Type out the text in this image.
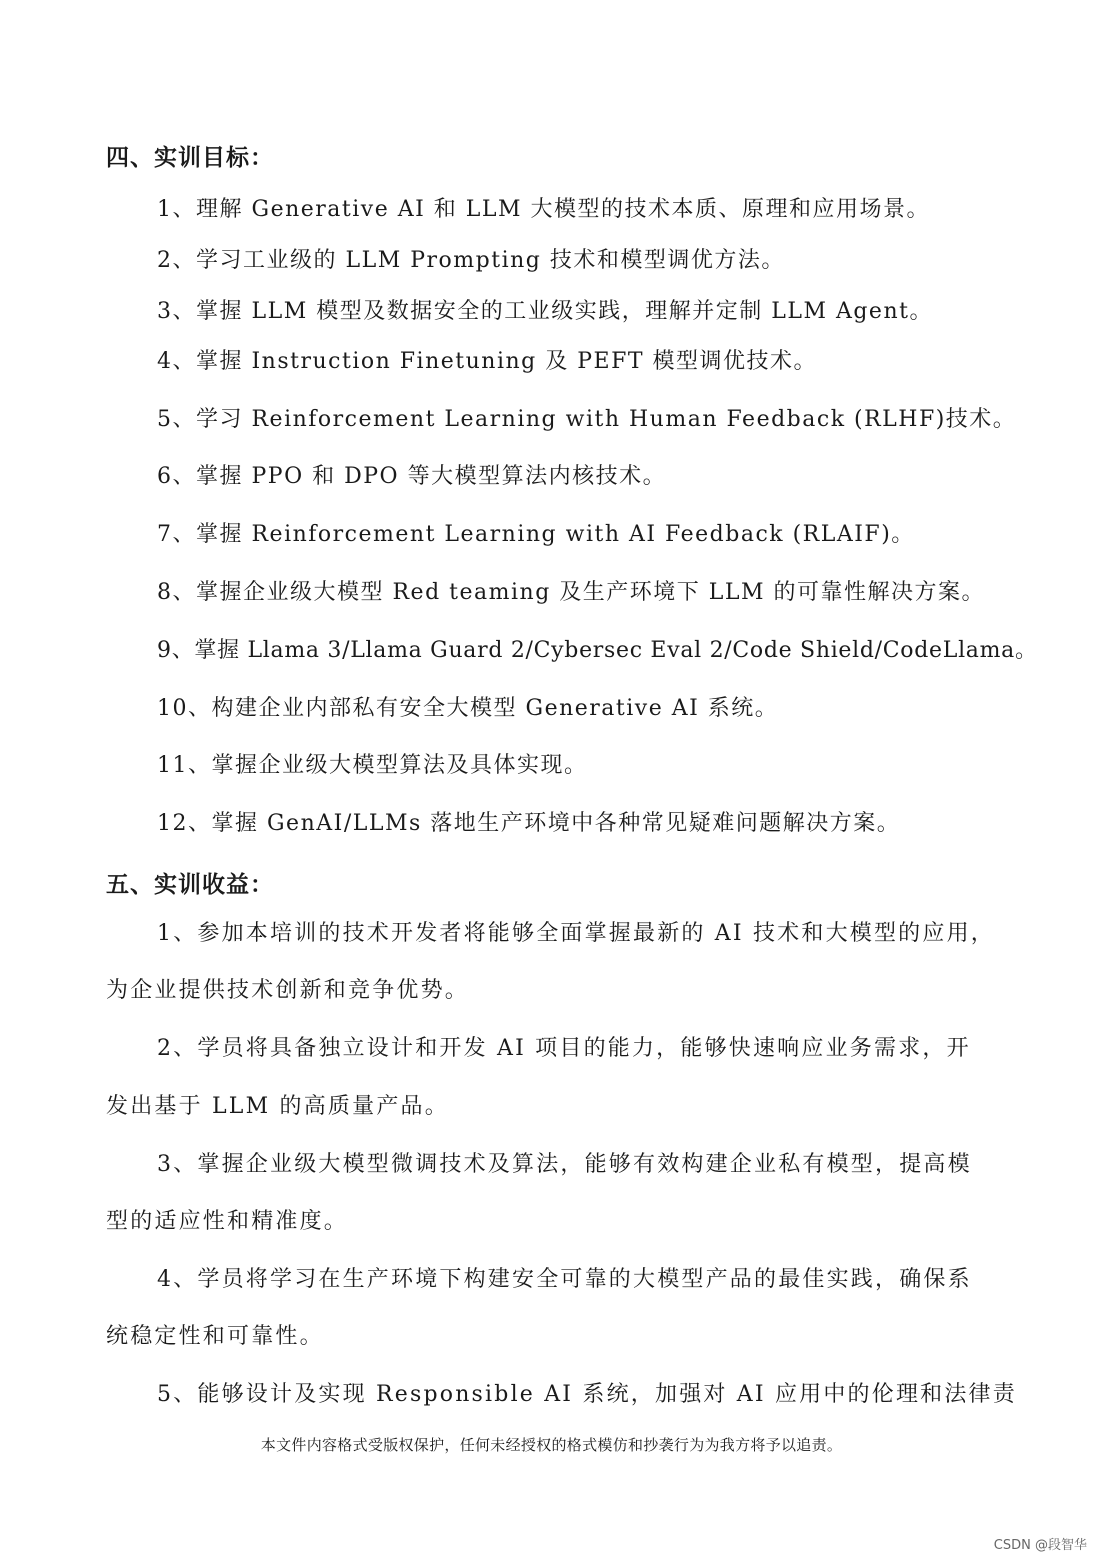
四、实训目标：
1、理解 Generative AI 和 LLM 大模型的技术本质、原理和应用场景。
2、学习工业级的 LLM Prompting 技术和模型调优方法。
3、掌握 LLM 模型及数据安全的工业级实践，理解并定制 LLM Agent。
4、掌握 Instruction Finetuning 及 PEFT 模型调优技术。
5、学习 Reinforcement Learning with Human Feedback (RLHF)技术。
6、掌握 PPO 和 DPO 等大模型算法内核技术。
7、掌握 Reinforcement Learning with AI Feedback (RLAIF)。
8、掌握企业级大模型 Red teaming 及生产环境下 LLM 的可靠性解决方案。
9、掌握 Llama 3/Llama Guard 2/Cybersec Eval 2/Code Shield/CodeLlama。
10、构建企业内部私有安全大模型 Generative AI 系统。
11、掌握企业级大模型算法及具体实现。
12、掌握 GenAI/LLMs 落地生产环境中各种常见疑难问题解决方案。
五、实训收益：
1、参加本培训的技术开发者将能够全面掌握最新的 AI 技术和大模型的应用，
为企业提供技术创新和竞争优势。
2、学员将具备独立设计和开发 AI 项目的能力，能够快速响应业务需求，开
发出基于 LLM 的高质量产品。
3、掌握企业级大模型微调技术及算法，能够有效构建企业私有模型，提高模
型的适应性和精准度。
4、学员将学习在生产环境下构建安全可靠的大模型产品的最佳实践，确保系
统稳定性和可靠性。
5、能够设计及实现 Responsible AI 系统，加强对 AI 应用中的伦理和法律责
本文件内容格式受版权保护，任何未经授权的格式模仿和抄袭行为为我方将予以追责。
CSDN @段智华
